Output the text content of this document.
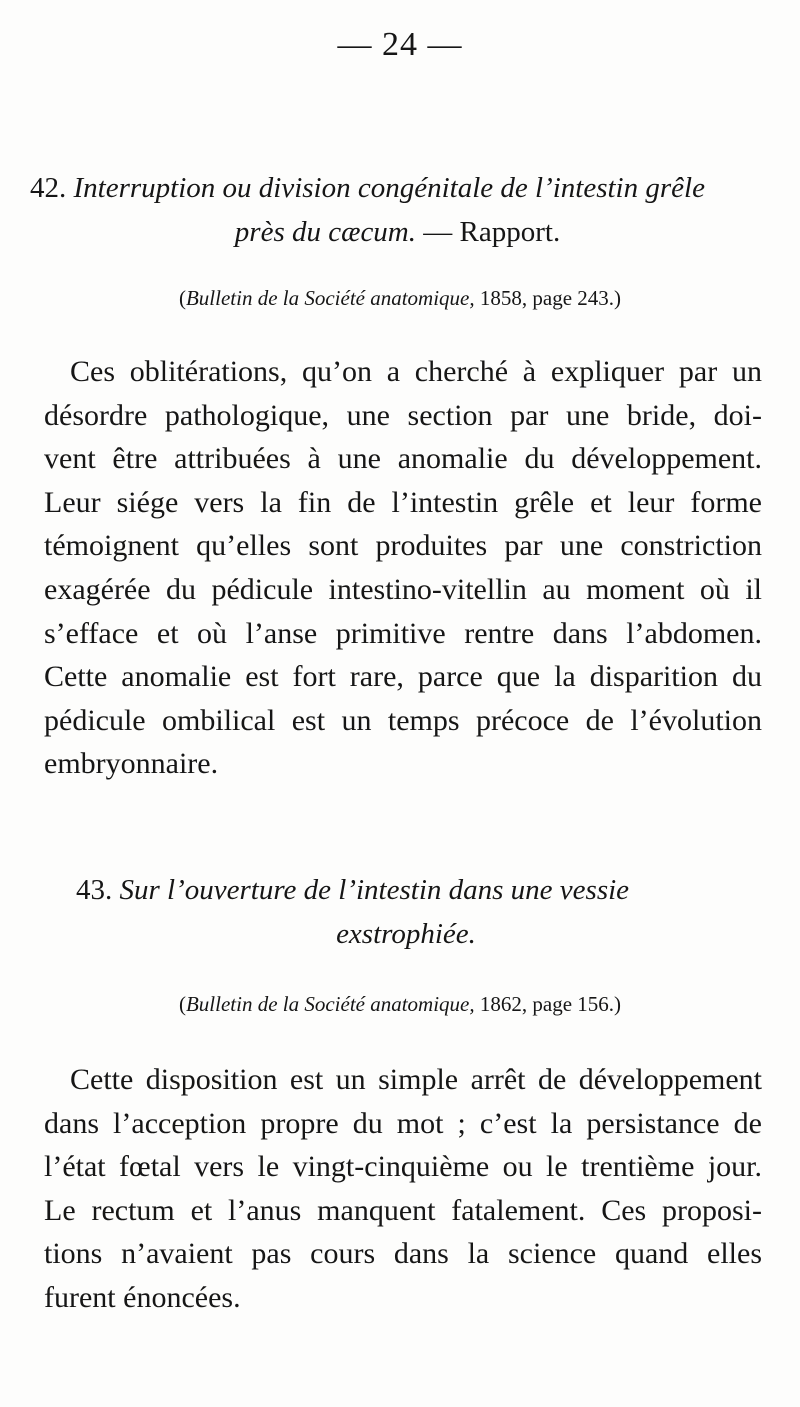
— 24 —
42. Interruption ou division congénitale de l’intestin grêle
près du cæcum. — Rapport.
(Bulletin de la Société anatomique, 1858, page 243.)

Ces oblitérations, qu’on a cherché à expliquer par un
désordre pathologique, une section par une bride, doi-
vent être attribuées à une anomalie du développement.
Leur siége vers la fin de l’intestin grêle et leur forme
témoignent qu’elles sont produites par une constriction
exagérée du pédicule intestino-vitellin au moment où il
s’efface et où l’anse primitive rentre dans l’abdomen.
Cette anomalie est fort rare, parce que la disparition du
pédicule ombilical est un temps précoce de l’évolution
embryonnaire.

43. Sur l’ouverture de l’intestin dans une vessie
exstrophiée.
(Bulletin de la Société anatomique, 1862, page 156.)

Cette disposition est un simple arrêt de développement
dans l’acception propre du mot ; c’est la persistance de
l’état fœtal vers le vingt-cinquième ou le trentième jour.
Le rectum et l’anus manquent fatalement. Ces proposi-
tions n’avaient pas cours dans la science quand elles
furent énoncées.
